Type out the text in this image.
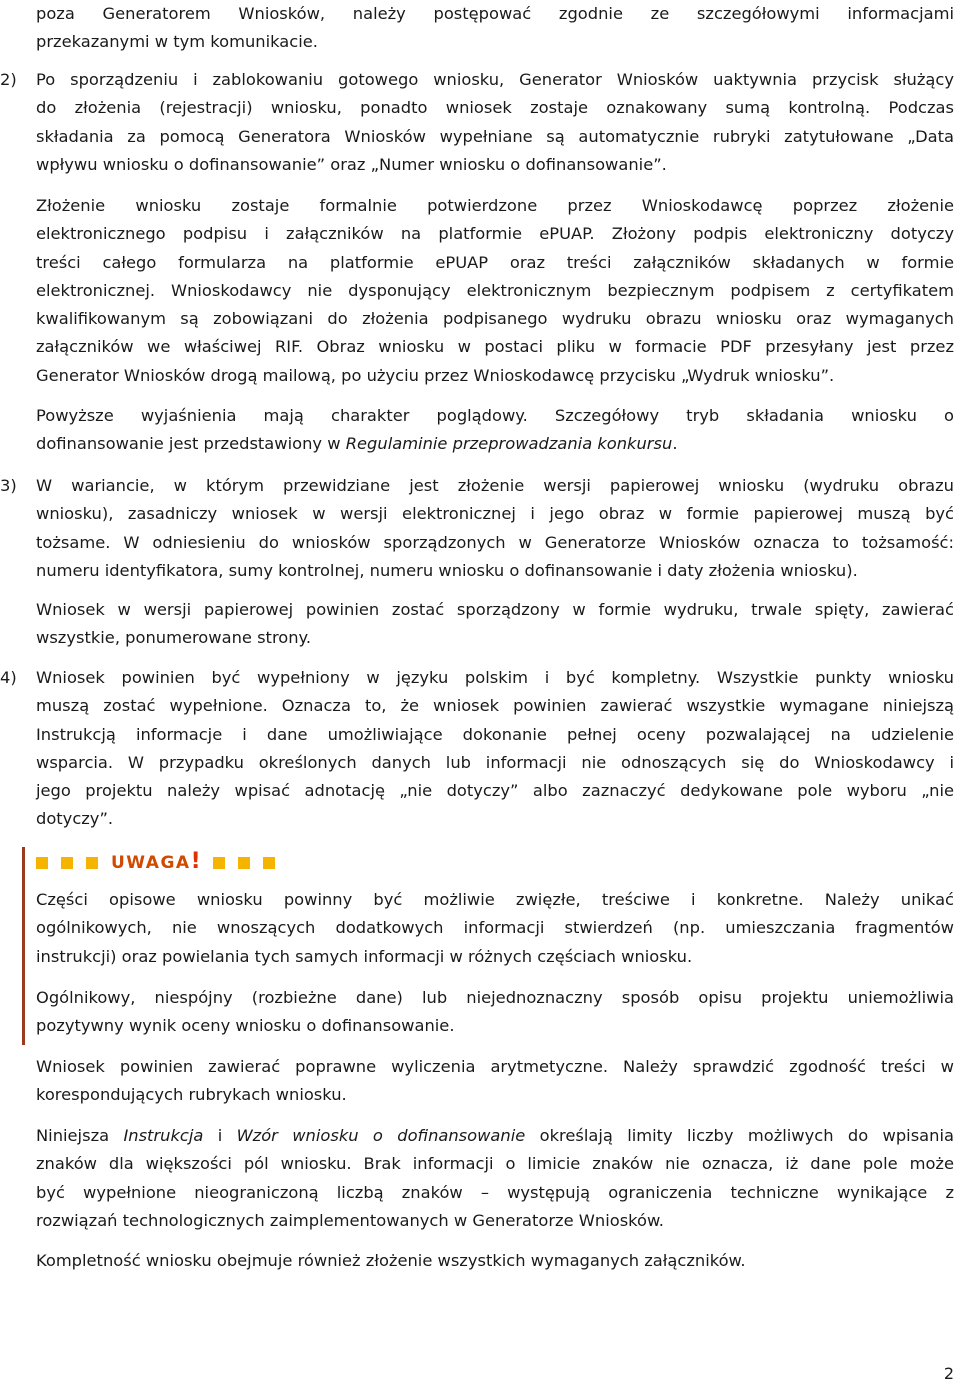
poza Generatorem Wniosków, należy postępować zgodnie ze szczegółowymi informacjami
przekazanymi w tym komunikacie.
2)	Po sporządzeniu i zablokowaniu gotowego wniosku, Generator Wniosków uaktywnia przycisk służący
do złożenia (rejestracji) wniosku, ponadto wniosek zostaje oznakowany sumą kontrolną. Podczas
składania za pomocą Generatora Wniosków wypełniane są automatycznie rubryki zatytułowane „Data
wpływu wniosku o dofinansowanie” oraz „Numer wniosku o dofinansowanie”.
Złożenie wniosku zostaje formalnie potwierdzone przez Wnioskodawcę poprzez złożenie
elektronicznego podpisu i załączników na platformie ePUAP. Złożony podpis elektroniczny dotyczy
treści całego formularza na platformie ePUAP oraz treści załączników składanych w formie
elektronicznej. Wnioskodawcy nie dysponujący elektronicznym bezpiecznym podpisem z certyfikatem
kwalifikowanym są zobowiązani do złożenia podpisanego wydruku obrazu wniosku oraz wymaganych
załączników we właściwej RIF. Obraz wniosku w postaci pliku w formacie PDF przesyłany jest przez
Generator Wniosków drogą mailową, po użyciu przez Wnioskodawcę przycisku „Wydruk wniosku”.
Powyższe wyjaśnienia mają charakter poglądowy. Szczegółowy tryb składania wniosku o
dofinansowanie jest przedstawiony w Regulaminie przeprowadzania konkursu.
3)	W wariancie, w którym przewidziane jest złożenie wersji papierowej wniosku (wydruku obrazu
wniosku), zasadniczy wniosek w wersji elektronicznej i jego obraz w formie papierowej muszą być
tożsame. W odniesieniu do wniosków sporządzonych w Generatorze Wniosków oznacza to tożsamość:
numeru identyfikatora, sumy kontrolnej, numeru wniosku o dofinansowanie i daty złożenia wniosku).
Wniosek w wersji papierowej powinien zostać sporządzony w formie wydruku, trwale spięty, zawierać
wszystkie, ponumerowane strony.
4)	Wniosek powinien być wypełniony w języku polskim i być kompletny. Wszystkie punkty wniosku
muszą zostać wypełnione. Oznacza to, że wniosek powinien zawierać wszystkie wymagane niniejszą
Instrukcją informacje i dane umożliwiające dokonanie pełnej oceny pozwalającej na udzielenie
wsparcia. W przypadku określonych danych lub informacji nie odnoszących się do Wnioskodawcy i
jego projektu należy wpisać adnotację „nie dotyczy” albo zaznaczyć dedykowane pole wyboru „nie
dotyczy”.
UWAGA!
Części opisowe wniosku powinny być możliwie zwięzłe, treściwe i konkretne. Należy unikać
ogólnikowych, nie wnoszących dodatkowych informacji stwierdzeń (np. umieszczania fragmentów
instrukcji) oraz powielania tych samych informacji w różnych częściach wniosku.
Ogólnikowy, niespójny (rozbieżne dane) lub niejednoznaczny sposób opisu projektu uniemożliwia
pozytywny wynik oceny wniosku o dofinansowanie.
Wniosek powinien zawierać poprawne wyliczenia arytmetyczne. Należy sprawdzić zgodność treści w
korespondujących rubrykach wniosku.
Niniejsza Instrukcja i Wzór wniosku o dofinansowanie określają limity liczby możliwych do wpisania
znaków dla większości pól wniosku. Brak informacji o limicie znaków nie oznacza, iż dane pole może
być wypełnione nieograniczoną liczbą znaków – występują ograniczenia techniczne wynikające z
rozwiązań technologicznych zaimplementowanych w Generatorze Wniosków.
Kompletność wniosku obejmuje również złożenie wszystkich wymaganych załączników.
2
